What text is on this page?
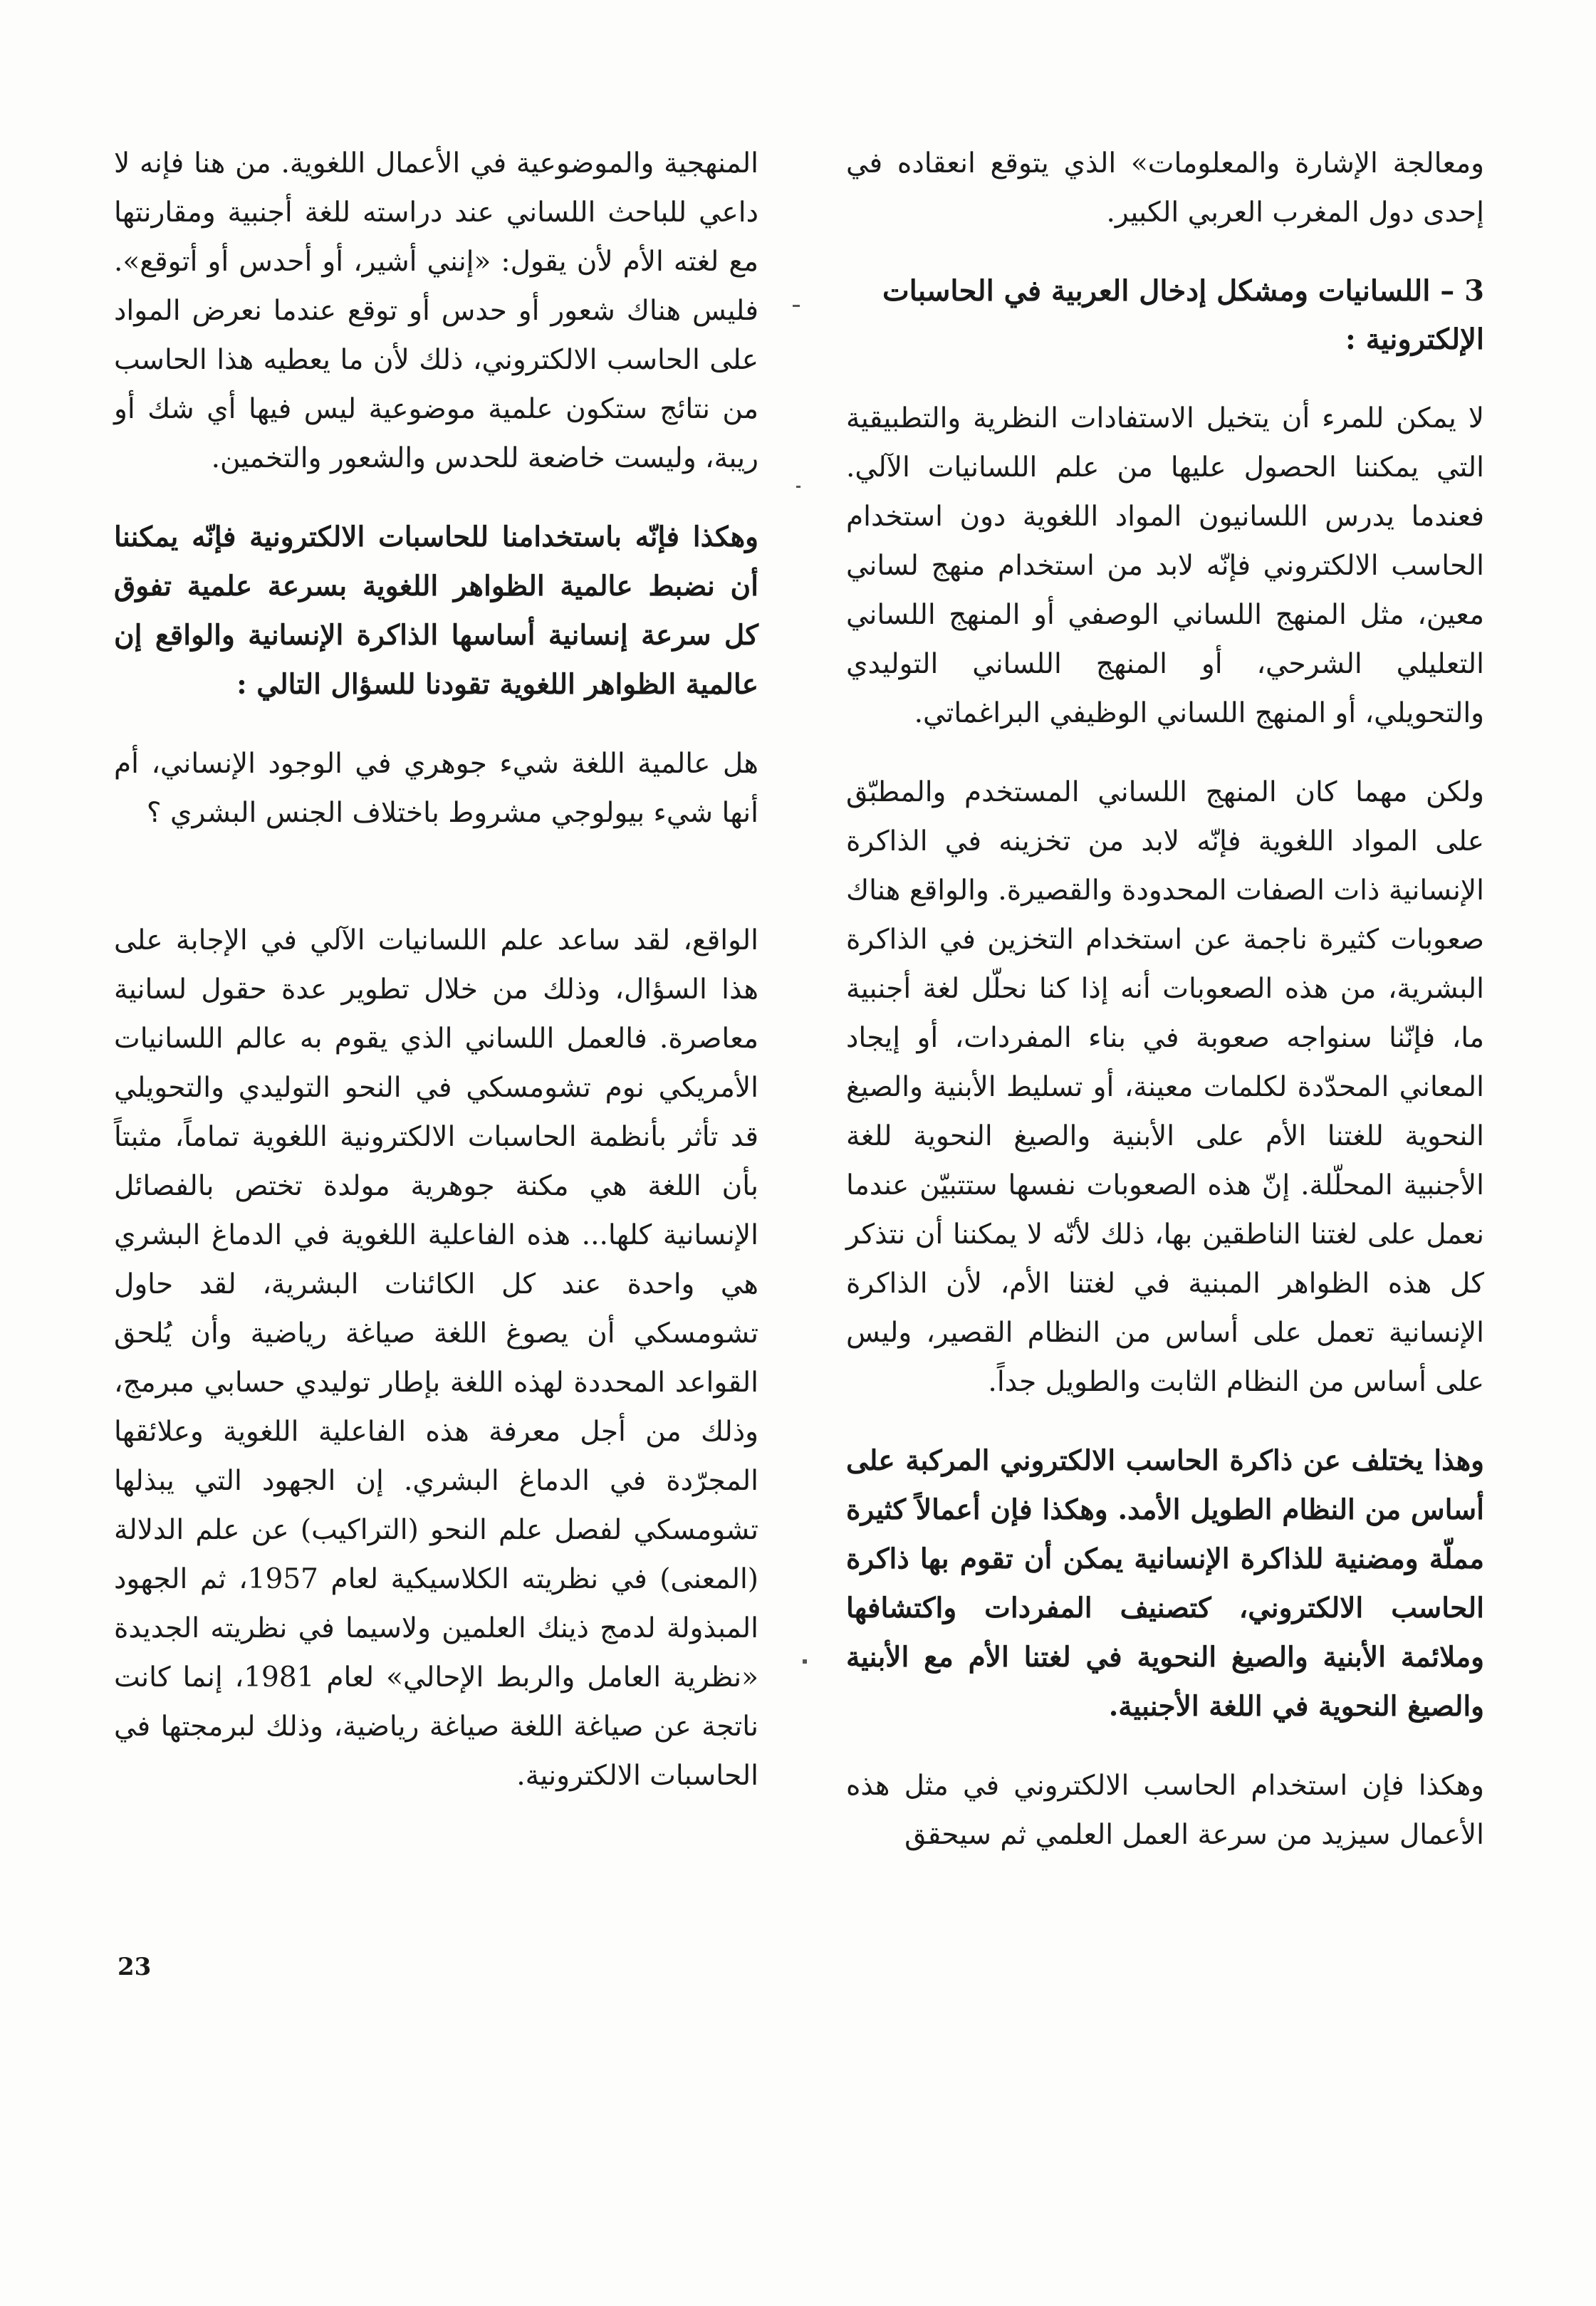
ومعالجة الإشارة والمعلومات» الذي يتوقع انعقاده في إحدى دول المغرب العربي الكبير.

3 – اللسانيات ومشكل إدخال العربية في الحاسبات الإلكترونية :

لا يمكن للمرء أن يتخيل الاستفادات النظرية والتطبيقية التي يمكننا الحصول عليها من علم اللسانيات الآلي. فعندما يدرس اللسانيون المواد اللغوية دون استخدام الحاسب الالكتروني فإنّه لابد من استخدام منهج لساني معين، مثل المنهج اللساني الوصفي أو المنهج اللساني التعليلي الشرحي، أو المنهج اللساني التوليدي والتحويلي، أو المنهج اللساني الوظيفي البراغماتي.

ولكن مهما كان المنهج اللساني المستخدم والمطبّق على المواد اللغوية فإنّه لابد من تخزينه في الذاكرة الإنسانية ذات الصفات المحدودة والقصيرة. والواقع هناك صعوبات كثيرة ناجمة عن استخدام التخزين في الذاكرة البشرية، من هذه الصعوبات أنه إذا كنا نحلّل لغة أجنبية ما، فإنّنا سنواجه صعوبة في بناء المفردات، أو إيجاد المعاني المحدّدة لكلمات معينة، أو تسليط الأبنية والصيغ النحوية للغتنا الأم على الأبنية والصيغ النحوية للغة الأجنبية المحلّلة. إنّ هذه الصعوبات نفسها ستتبيّن عندما نعمل على لغتنا الناطقين بها، ذلك لأنّه لا يمكننا أن نتذكر كل هذه الظواهر المبنية في لغتنا الأم، لأن الذاكرة الإنسانية تعمل على أساس من النظام القصير، وليس على أساس من النظام الثابت والطويل جداً.

وهذا يختلف عن ذاكرة الحاسب الالكتروني المركبة على أساس من النظام الطويل الأمد. وهكذا فإن أعمالاً كثيرة مملّة ومضنية للذاكرة الإنسانية يمكن أن تقوم بها ذاكرة الحاسب الالكتروني، كتصنيف المفردات واكتشافها وملائمة الأبنية والصيغ النحوية في لغتنا الأم مع الأبنية والصيغ النحوية في اللغة الأجنبية.

وهكذا فإن استخدام الحاسب الالكتروني في مثل هذه الأعمال سيزيد من سرعة العمل العلمي ثم سيحقق

المنهجية والموضوعية في الأعمال اللغوية. من هنا فإنه لا داعي للباحث اللساني عند دراسته للغة أجنبية ومقارنتها مع لغته الأم لأن يقول: «إنني أشير، أو أحدس أو أتوقع». فليس هناك شعور أو حدس أو توقع عندما نعرض المواد على الحاسب الالكتروني، ذلك لأن ما يعطيه هذا الحاسب من نتائج ستكون علمية موضوعية ليس فيها أي شك أو ريبة، وليست خاضعة للحدس والشعور والتخمين.

وهكذا فإنّه باستخدامنا للحاسبات الالكترونية فإنّه يمكننا أن نضبط عالمية الظواهر اللغوية بسرعة علمية تفوق كل سرعة إنسانية أساسها الذاكرة الإنسانية والواقع إن عالمية الظواهر اللغوية تقودنا للسؤال التالي :

هل عالمية اللغة شيء جوهري في الوجود الإنساني، أم أنها شيء بيولوجي مشروط باختلاف الجنس البشري ؟

الواقع، لقد ساعد علم اللسانيات الآلي في الإجابة على هذا السؤال، وذلك من خلال تطوير عدة حقول لسانية معاصرة. فالعمل اللساني الذي يقوم به عالم اللسانيات الأمريكي نوم تشومسكي في النحو التوليدي والتحويلي قد تأثر بأنظمة الحاسبات الالكترونية اللغوية تماماً، مثبتاً بأن اللغة هي مكنة جوهرية مولدة تختص بالفصائل الإنسانية كلها... هذه الفاعلية اللغوية في الدماغ البشري هي واحدة عند كل الكائنات البشرية، لقد حاول تشومسكي أن يصوغ اللغة صياغة رياضية وأن يُلحق القواعد المحددة لهذه اللغة بإطار توليدي حسابي مبرمج، وذلك من أجل معرفة هذه الفاعلية اللغوية وعلائقها المجرّدة في الدماغ البشري. إن الجهود التي يبذلها تشومسكي لفصل علم النحو (التراكيب) عن علم الدلالة (المعنى) في نظريته الكلاسيكية لعام 1957، ثم الجهود المبذولة لدمج ذينك العلمين ولاسيما في نظريته الجديدة «نظرية العامل والربط الإحالي» لعام 1981، إنما كانت ناتجة عن صياغة اللغة صياغة رياضية، وذلك لبرمجتها في الحاسبات الالكترونية.

23
